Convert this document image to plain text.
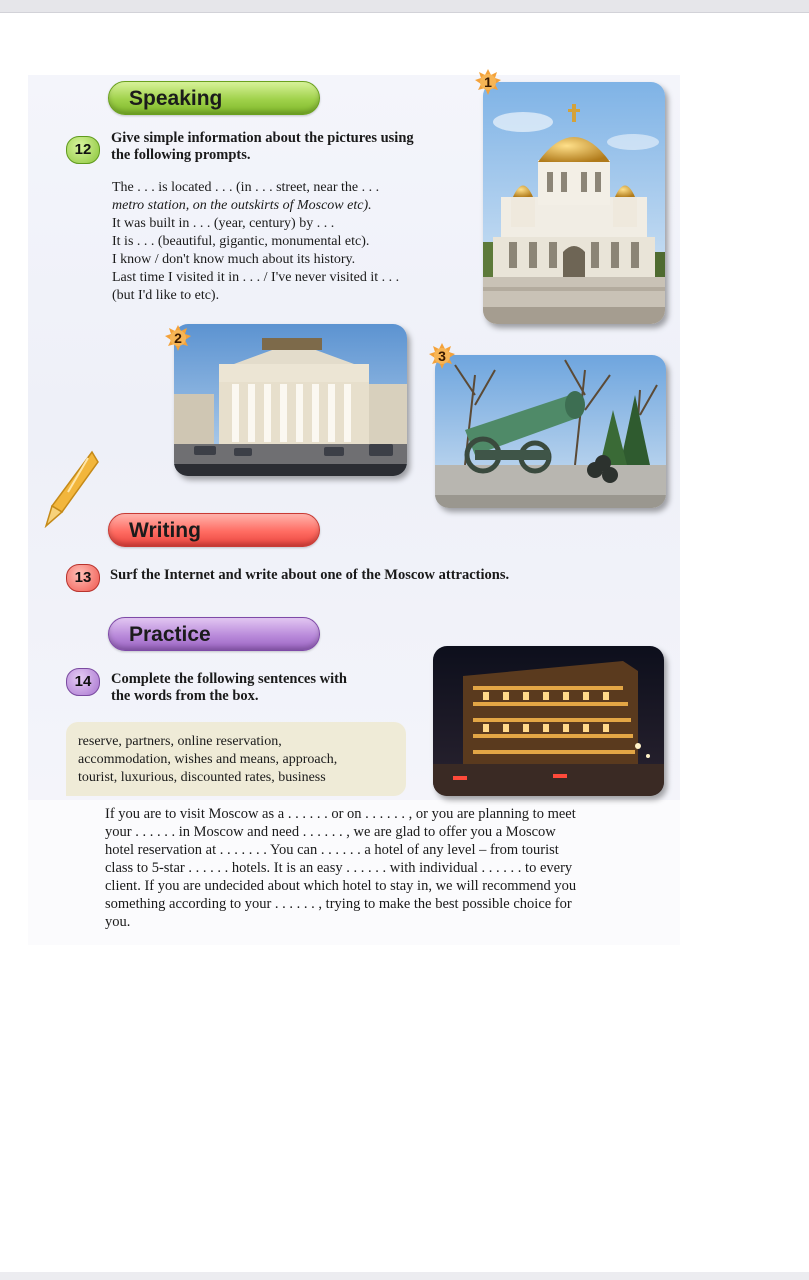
Speaking
12
Give simple information about the pictures using
the following prompts.
The . . . is located . . . (in . . . street, near the . . .
metro station, on the outskirts of Moscow etc).
It was built in . . . (year, century) by . . .
It is . . . (beautiful, gigantic, monumental etc).
I know / don't know much about its history.
Last time I visited it in . . . / I've never visited it . . .
(but I'd like to etc).
1
2
3
Writing
13	Surf the Internet and write about one of the Moscow attractions.
Practice
14	Complete the following sentences with
the words from the box.
reserve, partners, online reservation,
accommodation, wishes and means, approach,
tourist, luxurious, discounted rates, business
If you are to visit Moscow as a . . . . . . or on . . . . . . , or you are planning to meet
your . . . . . . in Moscow and need . . . . . . , we are glad to offer you a Moscow
hotel reservation at . . . . . . . You can . . . . . . a hotel of any level – from tourist
class to 5-star . . . . . . hotels. It is an easy . . . . . . with individual . . . . . . to every
client. If you are undecided about which hotel to stay in, we will recommend you
something according to your . . . . . . , trying to make the best possible choice for
you.
